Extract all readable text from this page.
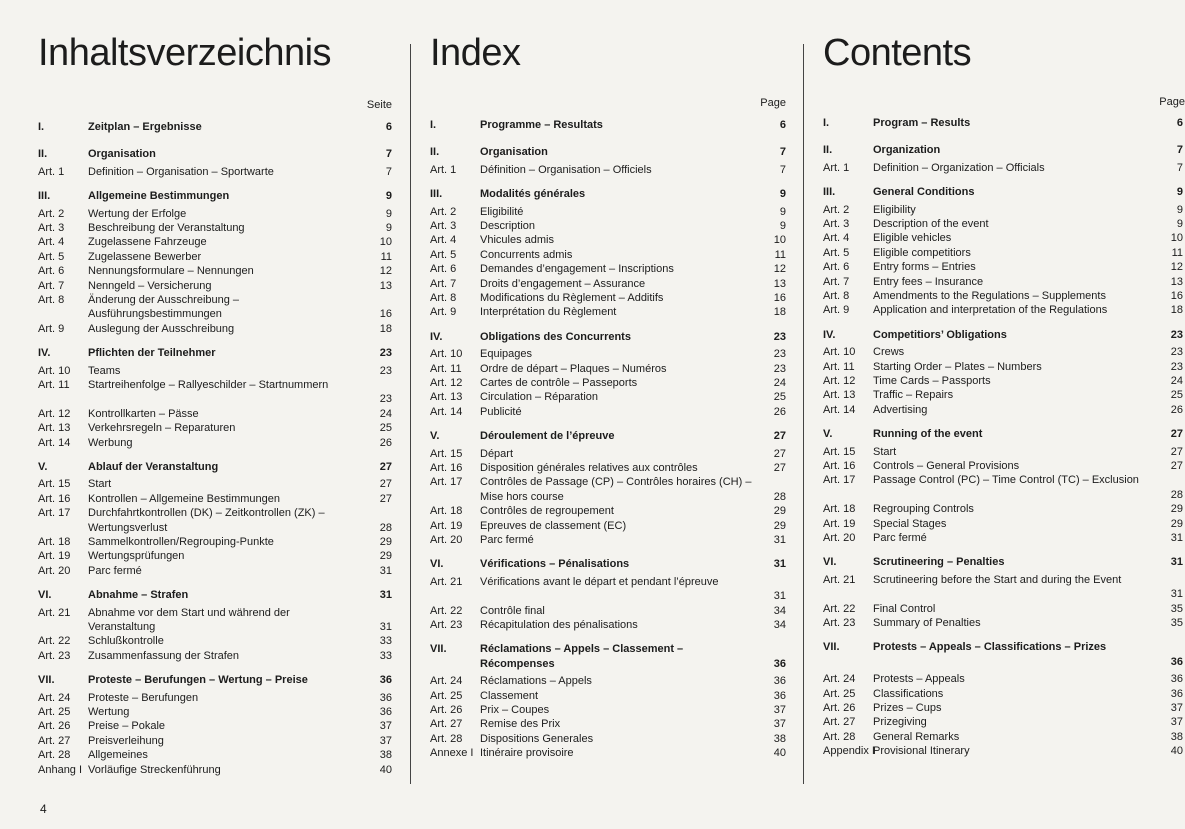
Inhaltsverzeichnis
Seite
I.	Zeitplan – Ergebnisse	6
II.	Organisation	7
Art. 1 Definition – Organisation – Sportwarte	7
III.	Allgemeine Bestimmungen	9
Art. 2 Wertung der Erfolge	9
Art. 3 Beschreibung der Veranstaltung	9
Art. 4 Zugelassene Fahrzeuge	10
Art. 5 Zugelassene Bewerber	11
Art. 6 Nennungsformulare – Nennungen	12
Art. 7 Nenngeld – Versicherung	13
Art. 8 Änderung der Ausschreibung – Ausführungsbestimmungen	16
Art. 9 Auslegung der Ausschreibung	18
IV.	Pflichten der Teilnehmer	23
Art. 10 Teams	23
Art. 11 Startreihenfolge – Rallyeschilder – Startnummern
23
Art. 12 Kontrollkarten – Pässe	24
Art. 13 Verkehrsregeln – Reparaturen	25
Art. 14 Werbung	26
V.	Ablauf der Veranstaltung	27
Art. 15 Start	27
Art. 16 Kontrollen – Allgemeine Bestimmungen	27
Art. 17 Durchfahrtkontrollen (DK) – Zeitkontrollen (ZK) – Wertungsverlust	28
Art. 18 Sammelkontrollen/Regrouping-Punkte	29
Art. 19 Wertungsprüfungen	29
Art. 20 Parc fermé	31
VI.	Abnahme – Strafen	31
Art. 21 Abnahme vor dem Start und während der Veranstaltung	31
Art. 22 Schlußkontrolle	33
Art. 23 Zusammenfassung der Strafen	33
VII.	Proteste – Berufungen – Wertung – Preise	36
Art. 24 Proteste – Berufungen	36
Art. 25 Wertung	36
Art. 26 Preise – Pokale	37
Art. 27 Preisverleihung	37
Art. 28 Allgemeines	38
Anhang I Vorläufige Streckenführung	40
Index
Page
I.	Programme – Resultats	6
II.	Organisation	7
Art. 1 Définition – Organisation – Officiels	7
III.	Modalités générales	9
Art. 2 Eligibilité	9
Art. 3 Description	9
Art. 4 Vhicules admis	10
Art. 5 Concurrents admis	11
Art. 6 Demandes d’engagement – Inscriptions	12
Art. 7 Droits d’engagement – Assurance	13
Art. 8 Modifications du Règlement – Additifs	16
Art. 9 Interprétation du Règlement	18
IV.	Obligations des Concurrents	23
Art. 10 Equipages	23
Art. 11 Ordre de départ – Plaques – Numéros	23
Art. 12 Cartes de contrôle – Passeports	24
Art. 13 Circulation – Réparation	25
Art. 14 Publicité	26
V.	Déroulement de l’épreuve	27
Art. 15 Départ	27
Art. 16 Disposition générales relatives aux contrôles	27
Art. 17 Contrôles de Passage (CP) – Contrôles horaires (CH) – Mise hors course	28
Art. 18 Contrôles de regroupement	29
Art. 19 Epreuves de classement (EC)	29
Art. 20 Parc fermé	31
VI.	Vérifications – Pénalisations	31
Art. 21 Vérifications avant le départ et pendant l’épreuve
31
Art. 22 Contrôle final	34
Art. 23 Récapitulation des pénalisations	34
VII.	Réclamations – Appels – Classement – Récompenses	36
Art. 24 Réclamations – Appels	36
Art. 25 Classement	36
Art. 26 Prix – Coupes	37
Art. 27 Remise des Prix	37
Art. 28 Dispositions Generales	38
Annexe I Itinéraire provisoire	40
Contents
Page
I.	Program – Results	6
II.	Organization	7
Art. 1 Definition – Organization – Officials	7
III.	General Conditions	9
Art. 2 Eligibility	9
Art. 3 Description of the event	9
Art. 4 Eligible vehicles	10
Art. 5 Eligible competitiors	11
Art. 6 Entry forms – Entries	12
Art. 7 Entry fees – Insurance	13
Art. 8 Amendments to the Regulations – Supplements	16
Art. 9 Application and interpretation of the Regulations	18
IV.	Competitiors’ Obligations	23
Art. 10 Crews	23
Art. 11 Starting Order – Plates – Numbers	23
Art. 12 Time Cards – Passports	24
Art. 13 Traffic – Repairs	25
Art. 14 Advertising	26
V.	Running of the event	27
Art. 15 Start	27
Art. 16 Controls – General Provisions	27
Art. 17 Passage Control (PC) – Time Control (TC) – Exclusion
28
Art. 18 Regrouping Controls	29
Art. 19 Special Stages	29
Art. 20 Parc fermé	31
VI.	Scrutineering – Penalties	31
Art. 21 Scrutineering before the Start and during the Event
31
Art. 22 Final Control	35
Art. 23 Summary of Penalties	35
VII.	Protests – Appeals – Classifications – Prizes
36
Art. 24 Protests – Appeals	36
Art. 25 Classifications	36
Art. 26 Prizes – Cups	37
Art. 27 Prizegiving	37
Art. 28 General Remarks	38
Appendix I
Provisional Itinerary	40
4
